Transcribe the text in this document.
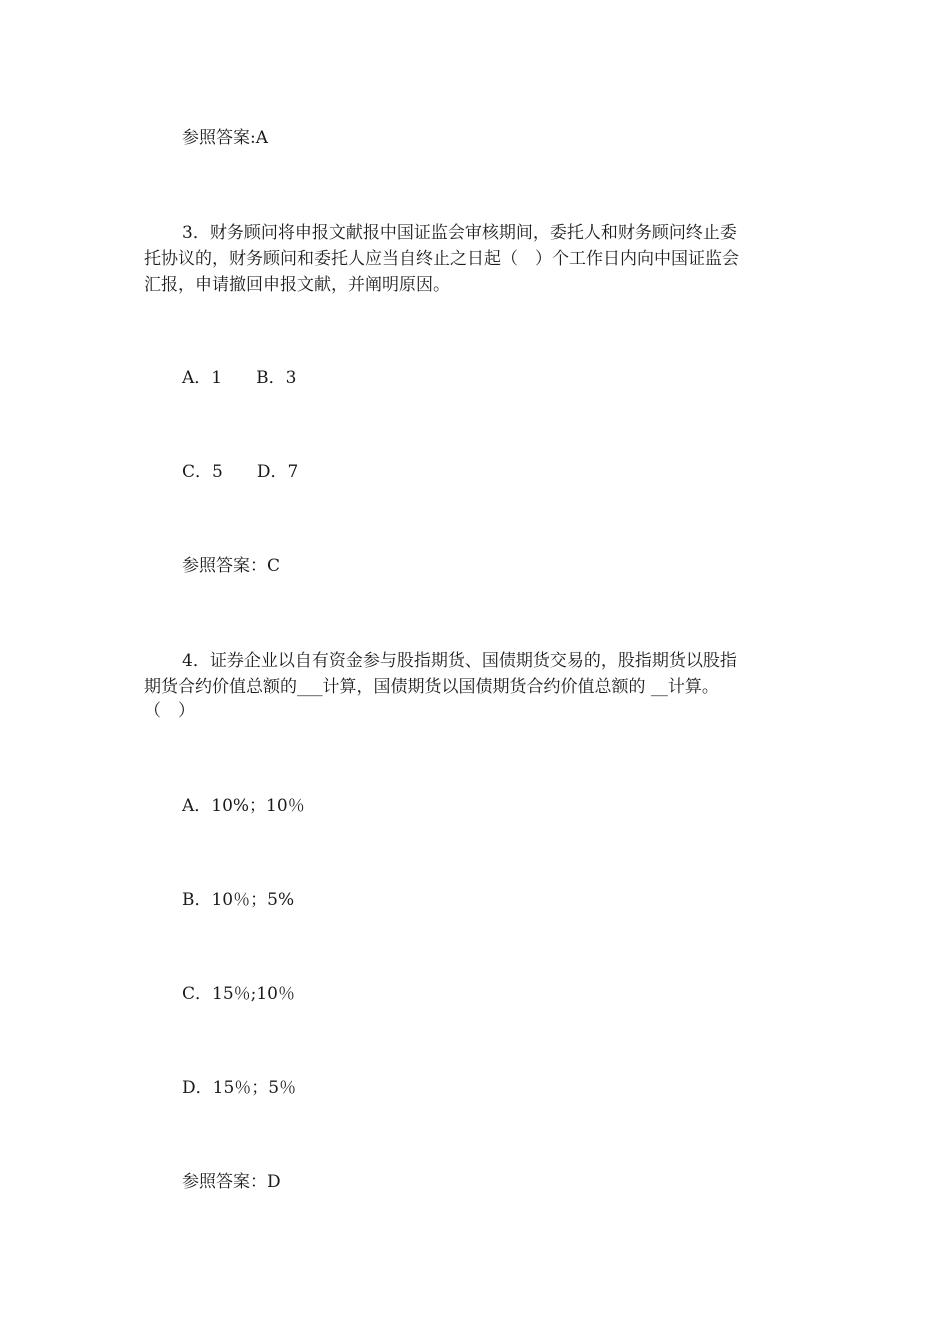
参照答案:A
3．财务顾问将申报文献报中国证监会审核期间，委托人和财务顾问终止委
托协议的，财务顾问和委托人应当自终止之日起（　）个工作日内向中国证监会
汇报，申请撤回申报文献，并阐明原因。
A．1　　B．3
C．5　　D．7
参照答案：C
4．证券企业以自有资金参与股指期货、国债期货交易的，股指期货以股指
期货合约价值总额的___计算，国债期货以国债期货合约价值总额的 __计算。
（　）
A．10%；10％
B．10％；5%
C．15％;10％
D．15％；5％
参照答案：D
